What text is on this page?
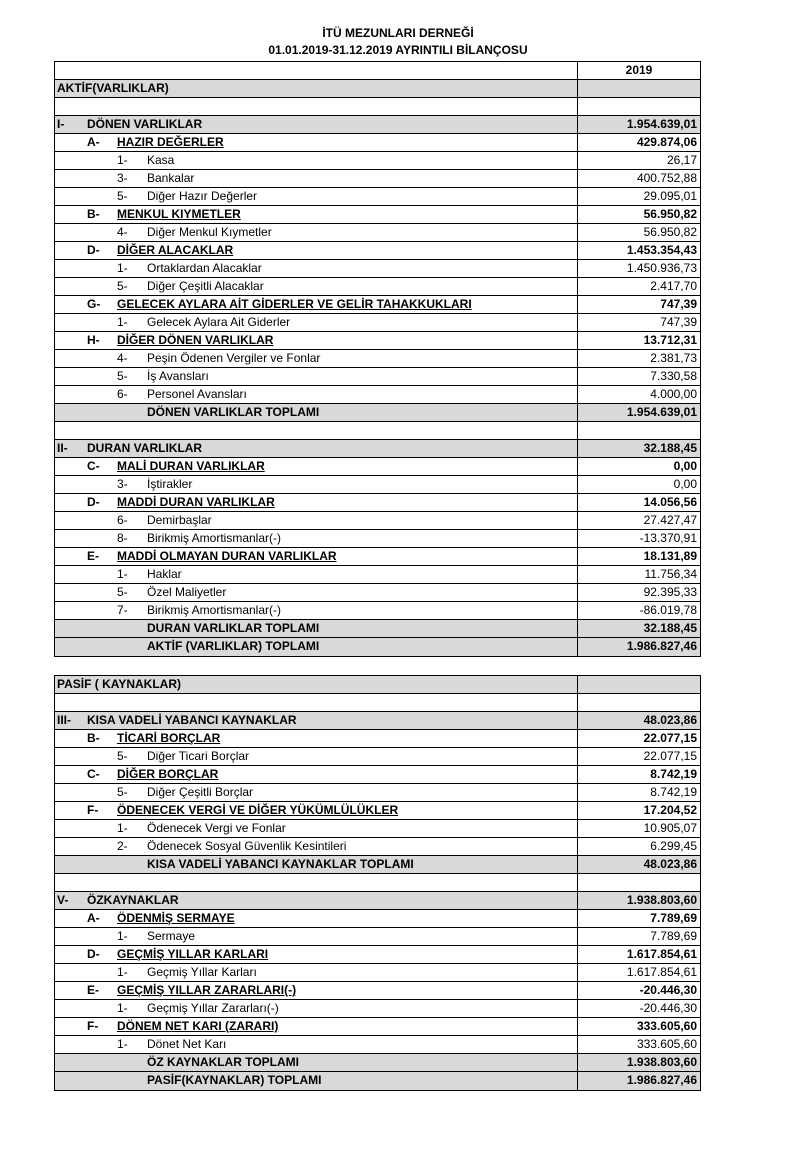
İTÜ MEZUNLARI DERNEĞİ
01.01.2019-31.12.2019 AYRINTILI BİLANÇOSU
2019
AKTİF(VARLIKLAR)
I- DÖNEN VARLIKLAR	1.954.639,01
A- HAZIR DEĞERLER	429.874,06
1- Kasa	26,17
3- Bankalar	400.752,88
5- Diğer Hazır Değerler	29.095,01
B- MENKUL KIYMETLER	56.950,82
4- Diğer Menkul Kıymetler	56.950,82
D- DİĞER ALACAKLAR	1.453.354,43
1- Ortaklardan Alacaklar	1.450.936,73
5- Diğer Çeşitli Alacaklar	2.417,70
G- GELECEK AYLARA AİT GİDERLER VE GELİR TAHAKKUKLARI	747,39
1- Gelecek Aylara Ait Giderler	747,39
H- DİĞER DÖNEN VARLIKLAR	13.712,31
4- Peşin Ödenen Vergiler ve Fonlar	2.381,73
5- İş Avansları	7.330,58
6- Personel Avansları	4.000,00
DÖNEN VARLIKLAR TOPLAMI	1.954.639,01
II- DURAN VARLIKLAR	32.188,45
C- MALİ DURAN VARLIKLAR	0,00
3- İştirakler	0,00
D- MADDİ DURAN VARLIKLAR	14.056,56
6- Demirbaşlar	27.427,47
8- Birikmiş Amortismanlar(-)	-13.370,91
E- MADDİ OLMAYAN DURAN VARLIKLAR	18.131,89
1- Haklar	11.756,34
5- Özel Maliyetler	92.395,33
7- Birikmiş Amortismanlar(-)	-86.019,78
DURAN VARLIKLAR TOPLAMI	32.188,45
AKTİF (VARLIKLAR) TOPLAMI	1.986.827,46
PASİF ( KAYNAKLAR)
III- KISA VADELİ YABANCI KAYNAKLAR	48.023,86
B- TİCARİ BORÇLAR	22.077,15
5- Diğer Ticari Borçlar	22.077,15
C- DİĞER BORÇLAR	8.742,19
5- Diğer Çeşitli Borçlar	8.742,19
F- ÖDENECEK VERGİ VE DİĞER YÜKÜMLÜLÜKLER	17.204,52
1- Ödenecek Vergi ve Fonlar	10.905,07
2- Ödenecek Sosyal Güvenlik Kesintileri	6.299,45
KISA VADELİ YABANCI KAYNAKLAR TOPLAMI	48.023,86
V- ÖZKAYNAKLAR	1.938.803,60
A- ÖDENMİŞ SERMAYE	7.789,69
1- Sermaye	7.789,69
D- GEÇMİŞ YILLAR KARLARI	1.617.854,61
1- Geçmiş Yıllar Karları	1.617.854,61
E- GEÇMİŞ YILLAR ZARARLARI(-)	-20.446,30
1- Geçmiş Yıllar Zararları(-)	-20.446,30
F- DÖNEM NET KARI (ZARARI)	333.605,60
1- Dönet Net Karı	333.605,60
ÖZ KAYNAKLAR TOPLAMI	1.938.803,60
PASİF(KAYNAKLAR) TOPLAMI	1.986.827,46
